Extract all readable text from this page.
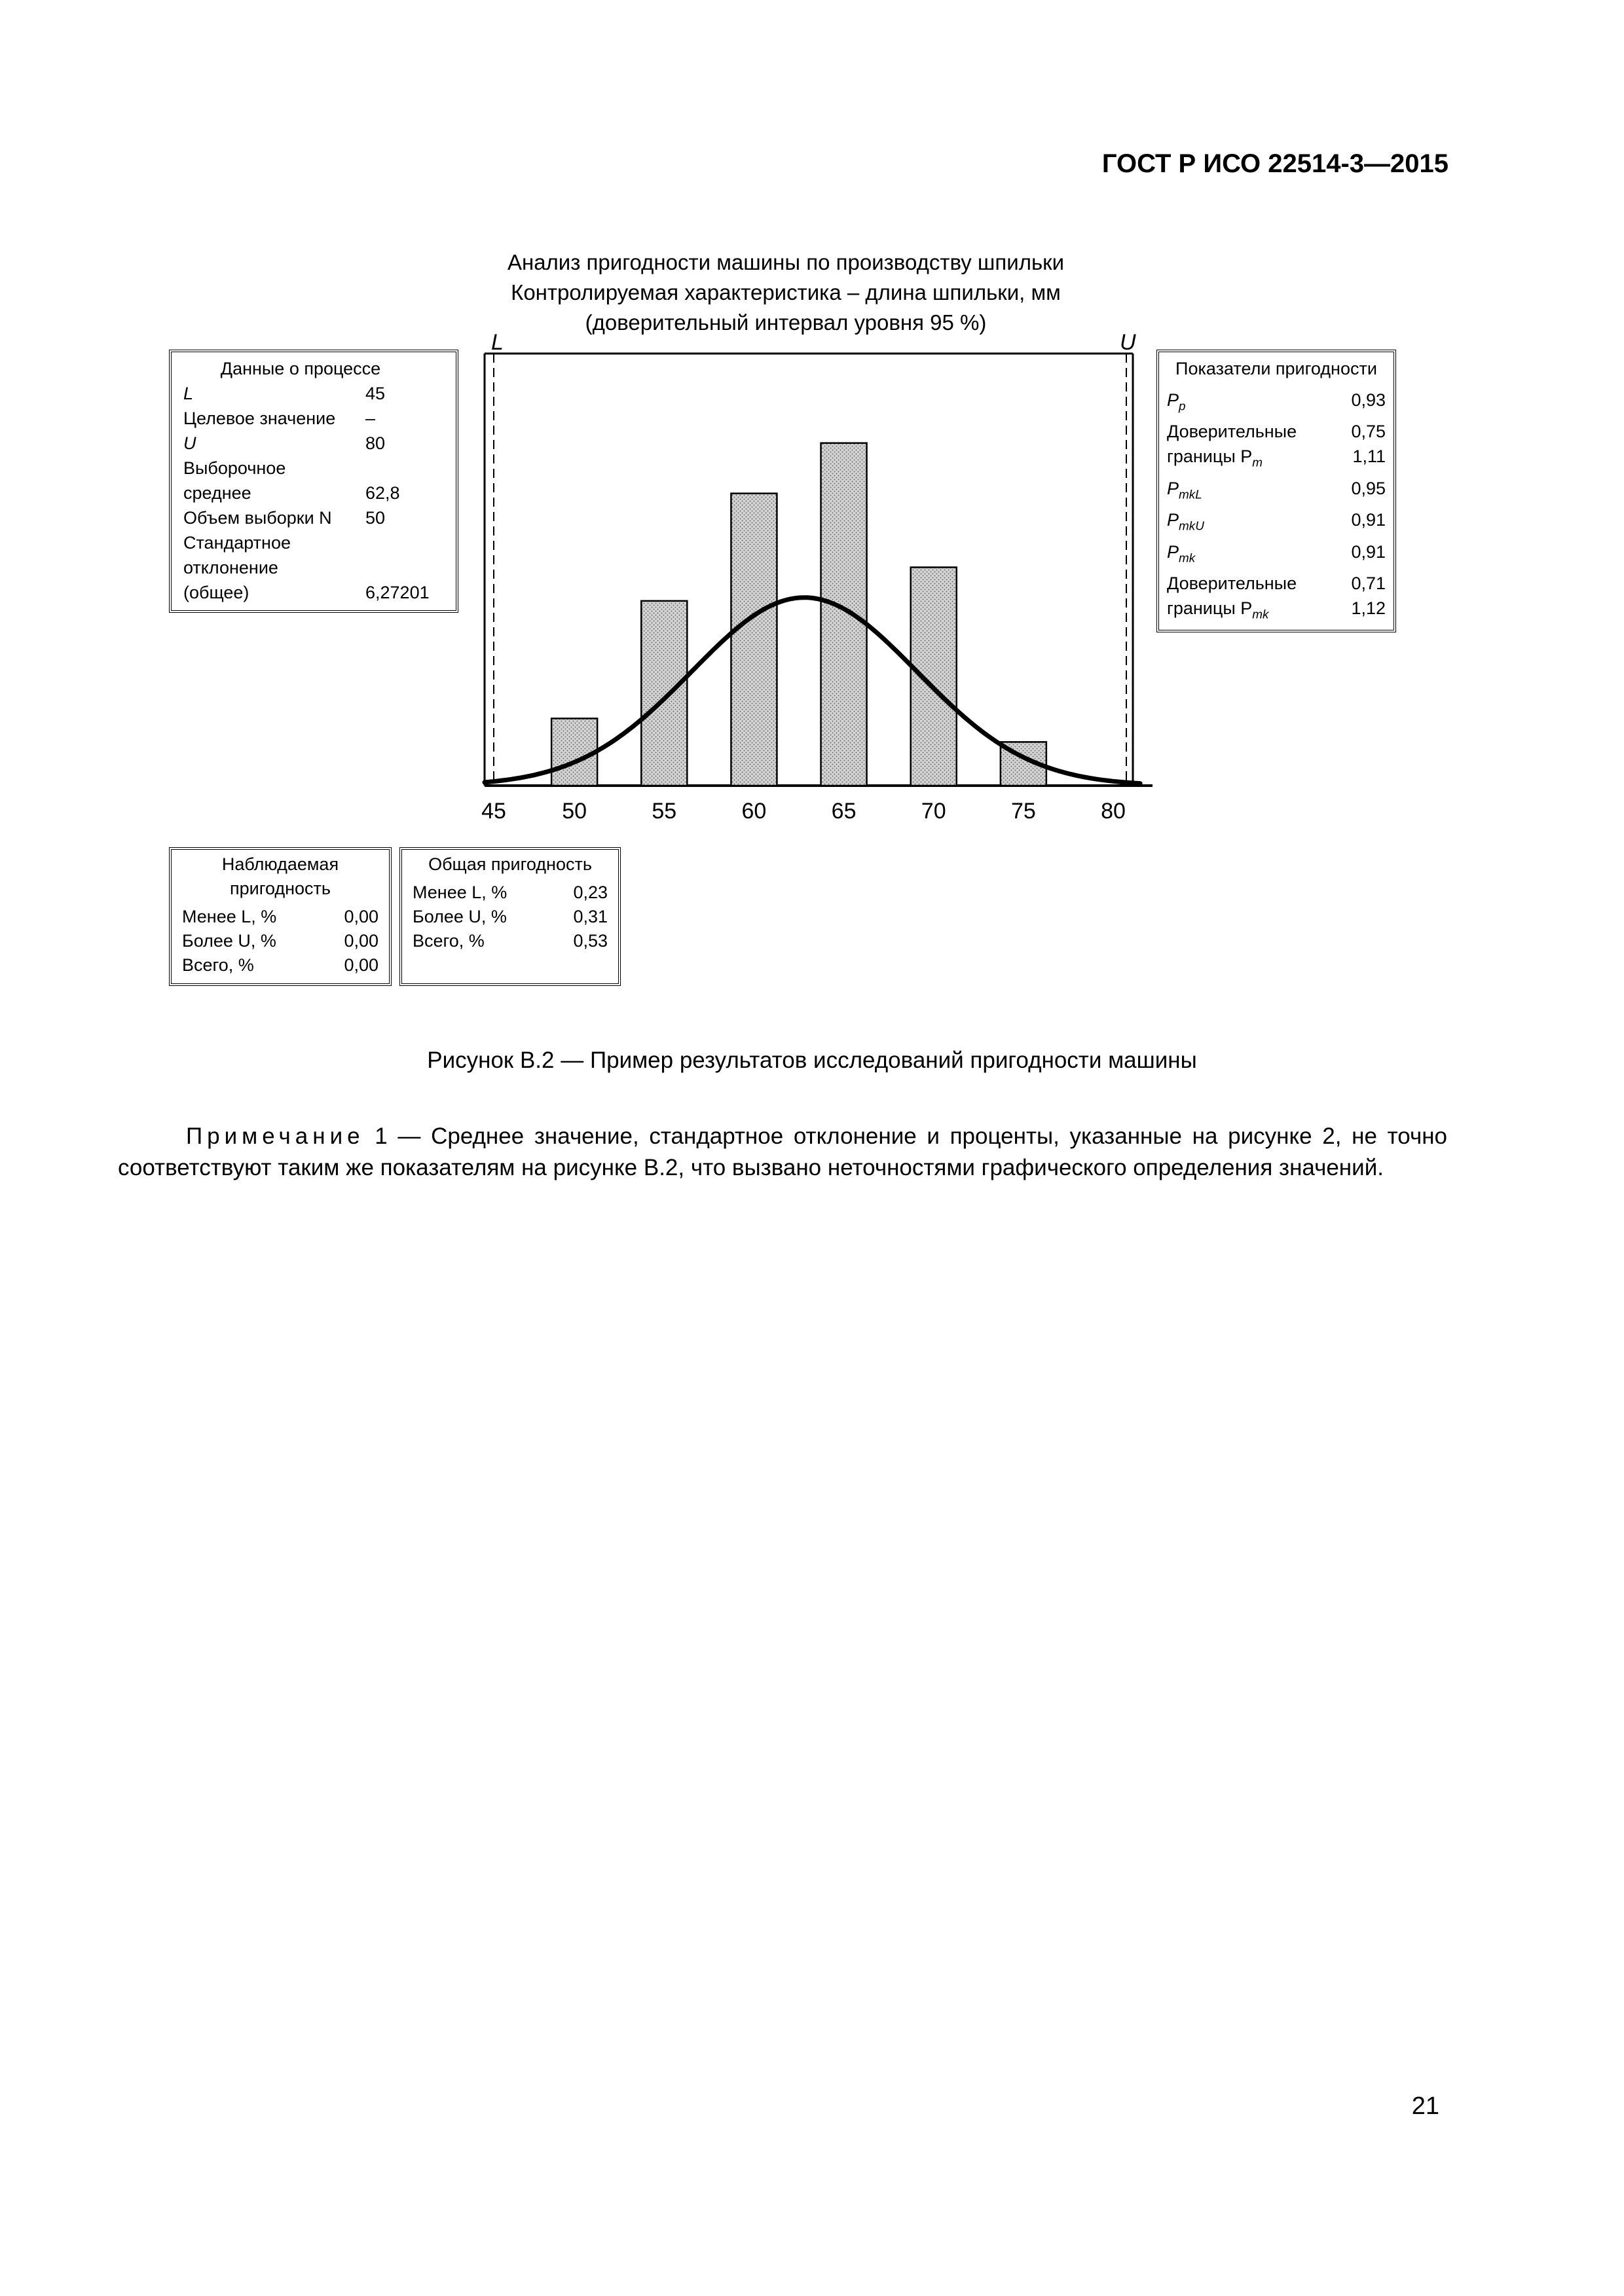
ГОСТ Р ИСО 22514-3—2015
Анализ пригодности машины по производству шпильки
Контролируемая характеристика – длина шпильки, мм
(доверительный интервал уровня 95 %)
Данные о процессе
L	45
Целевое значение –
U	80
Выборочное
среднее	62,8
Объем выборки N 50
Стандартное
отклонение
(общее)	6,27201
Показатели пригодности
$P_p$	0,93
Доверительные	0,75
границы $P_m$	1,11
$P_{mkL}$	0,95
$P_{mkU}$	0,91
$P_{mk}$	0,91
Доверительные	0,71
границы $P_{mk}$	1,12
L	U
45	50	55	60	65	70	75	80
Наблюдаемая пригодность
Менее L, %	0,00
Более U, %	0,00
Всего, %	0,00
Общая пригодность
Менее L, %	0,23
Более U, %	0,31
Всего, %	0,53
Рисунок В.2 — Пример результатов исследований пригодности машины
Примечание 1 — Среднее значение, стандартное отклонение и проценты, указанные на рисунке 2, не точно соответствуют таким же показателям на рисунке В.2, что вызвано неточностями графического определения значений.
21
